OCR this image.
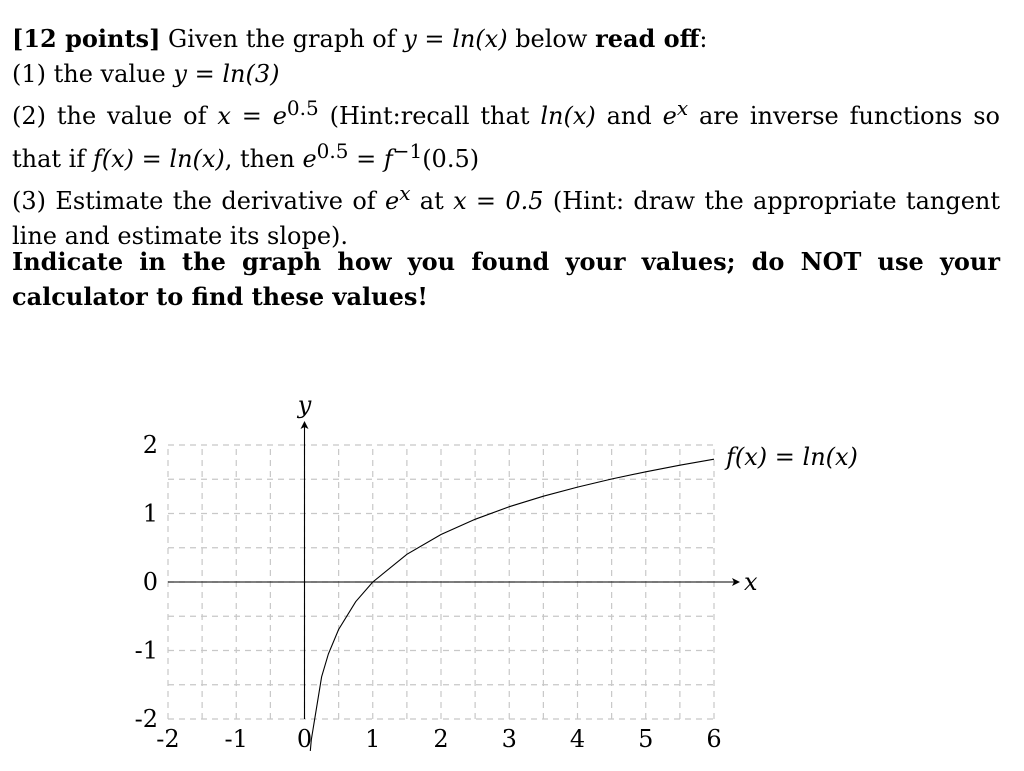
[12 points] Given the graph of y = ln(x) below read off:
(1) the value y = ln(3)
(2) the value of $x = e^{0.5}$ (Hint:recall that ln(x) and $e^x$ are inverse functions so
that if f(x) = ln(x), then $e^{0.5} = f^{-1}(0.5)$
(3) Estimate the derivative of $e^x$ at x = 0.5 (Hint: draw the appropriate tangent
line and estimate its slope).
Indicate in the graph how you found your values; do NOT use your
calculator to find these values!
-2 -1 0 1 2 3 4 5 6
2
1
0
-1
-2
x
y
f(x) = ln(x)
